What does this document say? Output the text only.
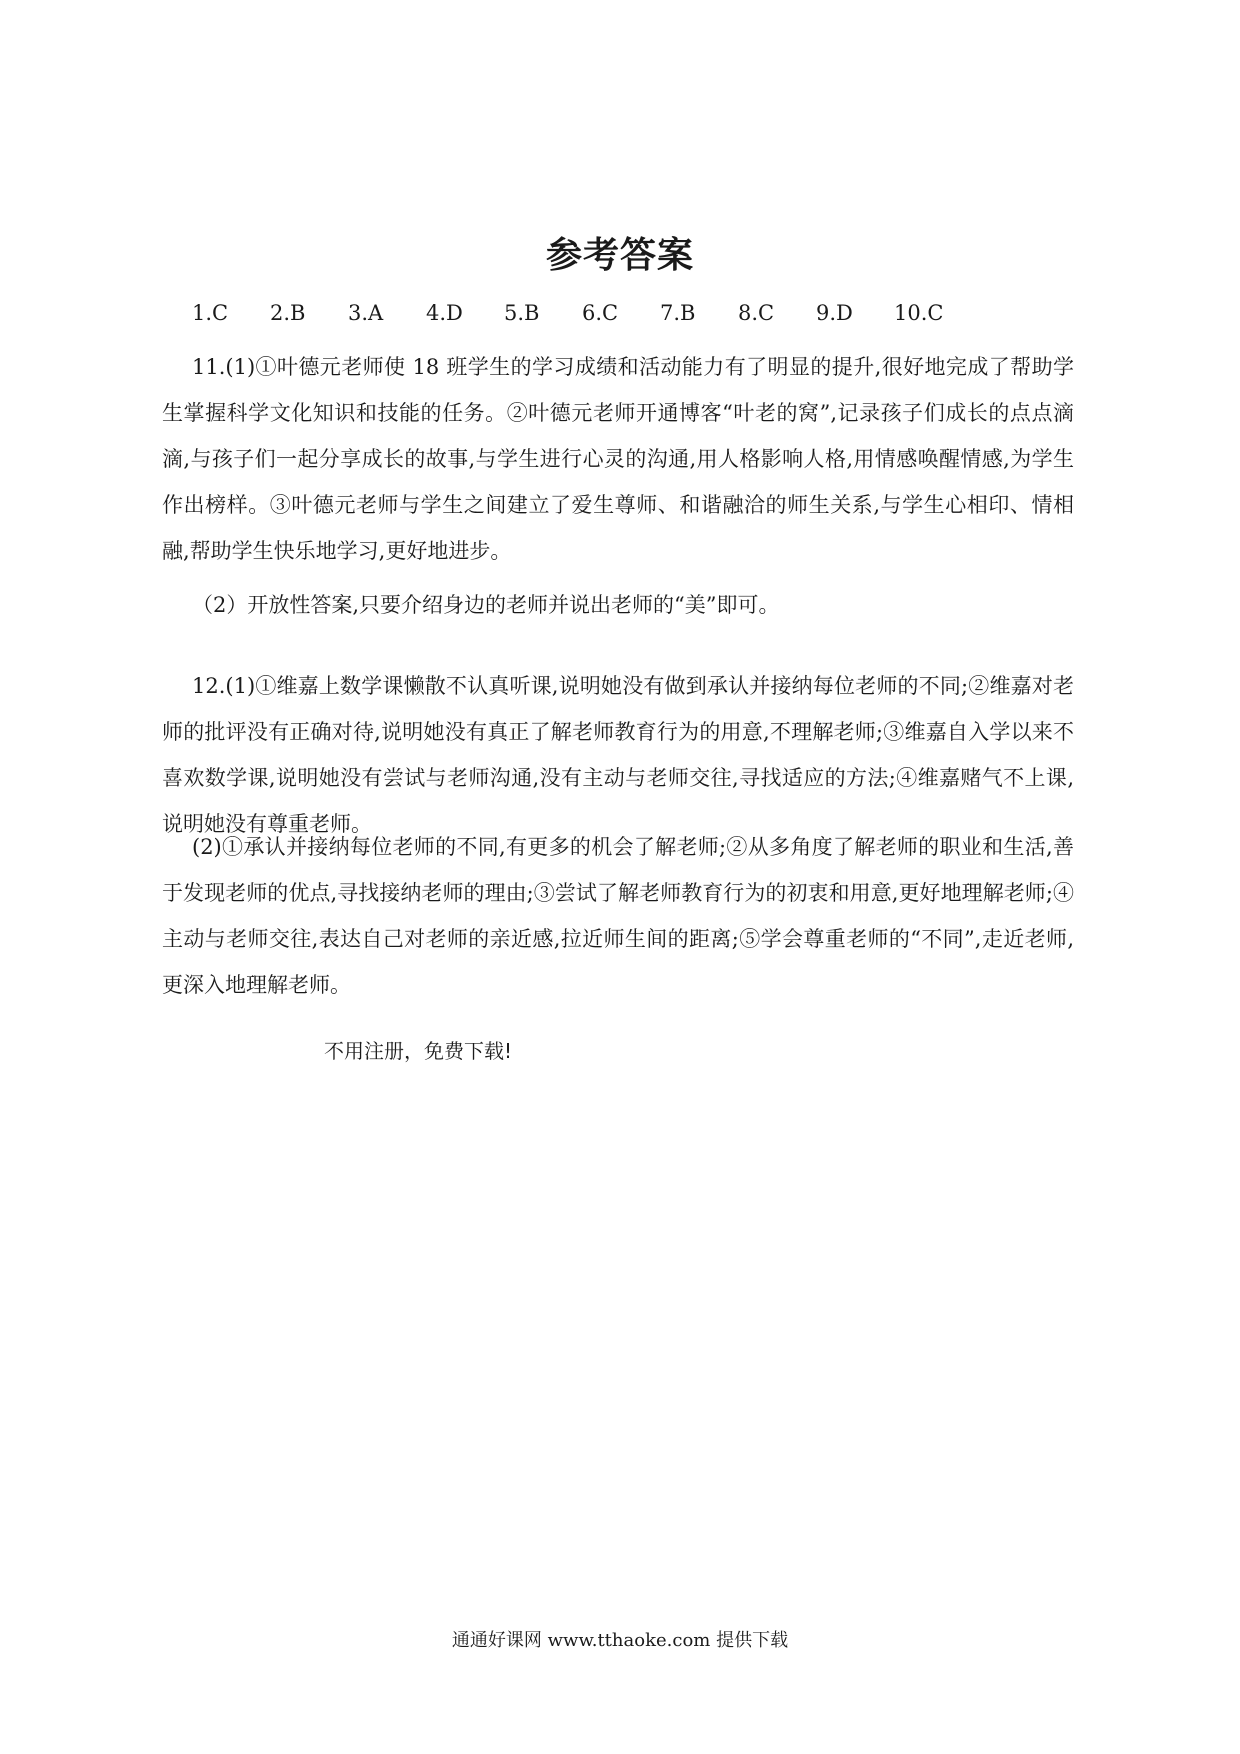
参考答案
1.C	2.B	3.A	4.D	5.B	6.C	7.B	8.C	9.D	10.C

11.(1)①叶德元老师使 18 班学生的学习成绩和活动能力有了明显的提升,很好地完成了帮助学生掌握科学文化知识和技能的任务。②叶德元老师开通博客“叶老的窝”,记录孩子们成长的点点滴滴,与孩子们一起分享成长的故事,与学生进行心灵的沟通,用人格影响人格,用情感唤醒情感,为学生作出榜样。③叶德元老师与学生之间建立了爱生尊师、和谐融洽的师生关系,与学生心相印、情相融,帮助学生快乐地学习,更好地进步。

（2）开放性答案,只要介绍身边的老师并说出老师的“美”即可。

12.(1)①维嘉上数学课懒散不认真听课,说明她没有做到承认并接纳每位老师的不同;②维嘉对老师的批评没有正确对待,说明她没有真正了解老师教育行为的用意,不理解老师;③维嘉自入学以来不喜欢数学课,说明她没有尝试与老师沟通,没有主动与老师交往,寻找适应的方法;④维嘉赌气不上课,说明她没有尊重老师。

(2)①承认并接纳每位老师的不同,有更多的机会了解老师;②从多角度了解老师的职业和生活,善于发现老师的优点,寻找接纳老师的理由;③尝试了解老师教育行为的初衷和用意,更好地理解老师;④主动与老师交往,表达自己对老师的亲近感,拉近师生间的距离;⑤学会尊重老师的“不同”,走近老师,更深入地理解老师。

不用注册，免费下载!
通通好课网 www.tthaoke.com 提供下载
